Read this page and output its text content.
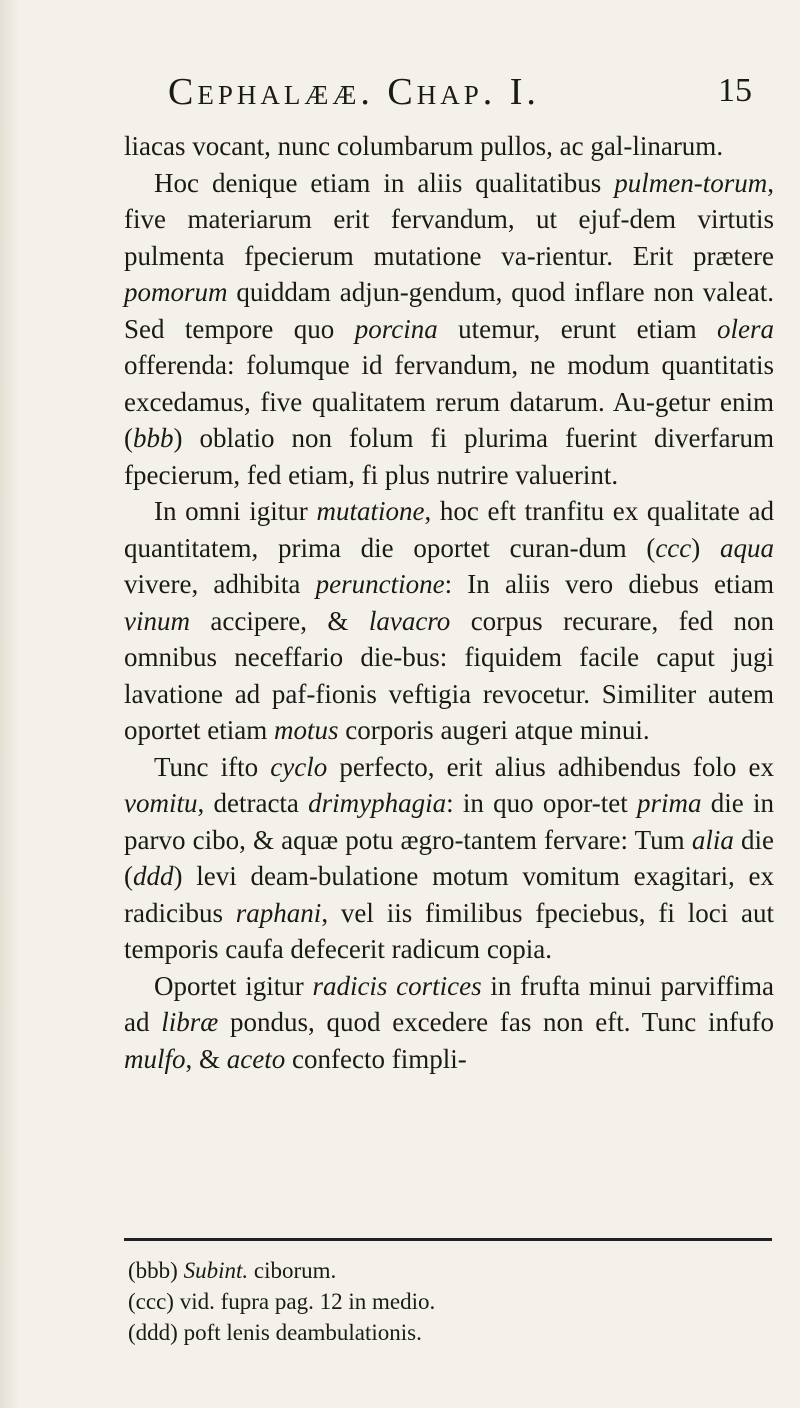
Cephalææ. Chap. I.	15

liacas vocant, nunc columbarum pullos, ac gal-linarum.

Hoc denique etiam in aliis qualitatibus pulmen-torum, five materiarum erit fervandum, ut ejuf-dem virtutis pulmenta fpecierum mutatione va-rientur. Erit prætere pomorum quiddam adjun-gendum, quod inflare non valeat. Sed tempore quo porcina utemur, erunt etiam olera offerenda: folumque id fervandum, ne modum quantitatis excedamus, five qualitatem rerum datarum. Au-getur enim (bbb) oblatio non folum fi plurima fuerint diverfarum fpecierum, fed etiam, fi plus nutrire valuerint.

In omni igitur mutatione, hoc eft tranfitu ex qualitate ad quantitatem, prima die oportet curan-dum (ccc) aqua vivere, adhibita perunctione: In aliis vero diebus etiam vinum accipere, & lavacro corpus recurare, fed non omnibus neceffario die-bus: fiquidem facile caput jugi lavatione ad paf-fionis veftigia revocetur. Similiter autem oportet etiam motus corporis augeri atque minui.

Tunc ifto cyclo perfecto, erit alius adhibendus folo ex vomitu, detracta drimyphagia: in quo opor-tet prima die in parvo cibo, & aquæ potu ægro-tantem fervare: Tum alia die (ddd) levi deam-bulatione motum vomitum exagitari, ex radicibus raphani, vel iis fimilibus fpeciebus, fi loci aut temporis caufa defecerit radicum copia.

Oportet igitur radicis cortices in frufta minui parviffima ad libræ pondus, quod excedere fas non eft. Tunc infufo mulfo, & aceto confecto fimpli-

(bbb) Subint. ciborum.
(ccc) vid. fupra pag. 12 in medio.
(ddd) poft lenis deambulationis.
